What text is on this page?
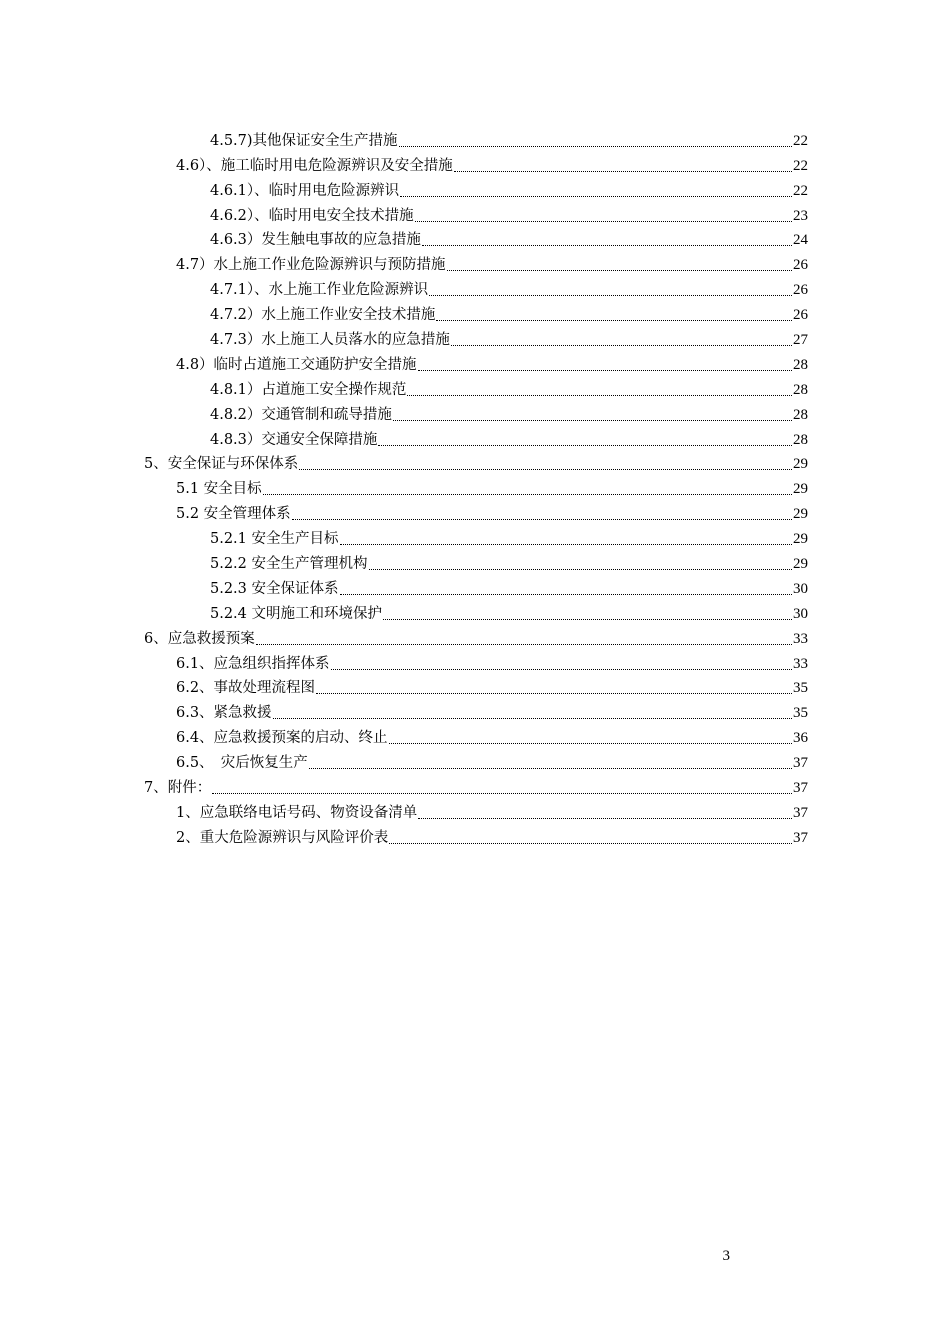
4.5.7)其他保证安全生产措施	22
4.6）、施工临时用电危险源辨识及安全措施	22
4.6.1）、临时用电危险源辨识	22
4.6.2）、临时用电安全技术措施	23
4.6.3）发生触电事故的应急措施	24
4.7）水上施工作业危险源辨识与预防措施	26
4.7.1）、水上施工作业危险源辨识	26
4.7.2）水上施工作业安全技术措施	26
4.7.3）水上施工人员落水的应急措施	27
4.8）临时占道施工交通防护安全措施	28
4.8.1）占道施工安全操作规范	28
4.8.2）交通管制和疏导措施	28
4.8.3）交通安全保障措施	28
5、安全保证与环保体系	29
5.1 安全目标	29
5.2 安全管理体系	29
5.2.1 安全生产目标	29
5.2.2 安全生产管理机构	29
5.2.3 安全保证体系	30
5.2.4 文明施工和环境保护	30
6、应急救援预案	33
6.1、应急组织指挥体系	33
6.2、事故处理流程图	35
6.3、紧急救援	35
6.4、应急救援预案的启动、终止	36
6.5、　灾后恢复生产	37
7、附件：	37
1、应急联络电话号码、物资设备清单	37
2、重大危险源辨识与风险评价表	37
3
